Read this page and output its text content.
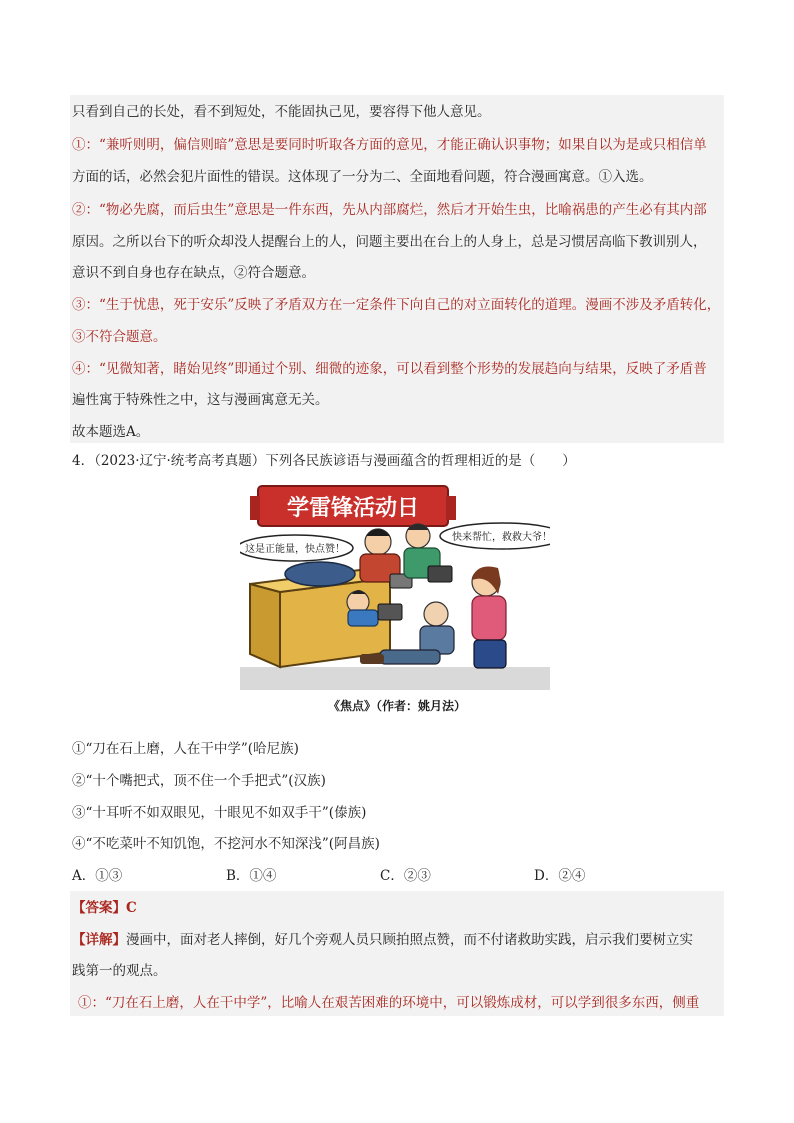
只看到自己的长处，看不到短处，不能固执己见，要容得下他人意见。
①：“兼听则明，偏信则暗”意思是要同时听取各方面的意见，才能正确认识事物；如果自以为是或只相信单
方面的话，必然会犯片面性的错误。这体现了一分为二、全面地看问题，符合漫画寓意。①入选。
②：“物必先腐，而后虫生”意思是一件东西，先从内部腐烂，然后才开始生虫，比喻祸患的产生必有其内部
原因。之所以台下的听众却没人提醒台上的人，问题主要出在台上的人身上，总是习惯居高临下教训别人，
意识不到自身也存在缺点，②符合题意。
③：“生于忧患，死于安乐”反映了矛盾双方在一定条件下向自己的对立面转化的道理。漫画不涉及矛盾转化，
③不符合题意。
④：“见微知著，睹始见终”即通过个别、细微的迹象，可以看到整个形势的发展趋向与结果，反映了矛盾普
遍性寓于特殊性之中，这与漫画寓意无关。
故本题选A。
4．（2023·辽宁·统考高考真题）下列各民族谚语与漫画蕴含的哲理相近的是（　　）
学雷锋活动日
这是正能量，快点赞！
快来帮忙，救救大爷！
《焦点》（作者：姚月法）
①“刀在石上磨，人在干中学”(哈尼族)
②“十个嘴把式，顶不住一个手把式”(汉族)
③“十耳听不如双眼见，十眼见不如双手干”(傣族)
④“不吃菜叶不知饥饱，不挖河水不知深浅”(阿昌族)
A．①③	B．①④	C．②③	D．②④
【答案】C
【详解】漫画中，面对老人摔倒，好几个旁观人员只顾拍照点赞，而不付诸救助实践，启示我们要树立实
践第一的观点。
①：“刀在石上磨，人在干中学”，比喻人在艰苦困难的环境中，可以锻炼成材，可以学到很多东西，侧重
